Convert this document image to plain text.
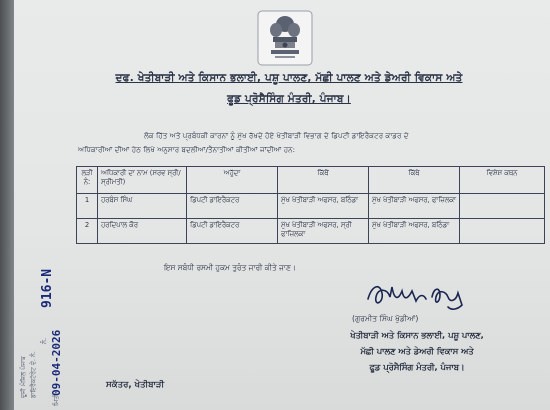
ਦਫ. ਖੇਤੀਬਾੜੀ ਅਤੇ ਕਿਸਾਨ ਭਲਾਈ, ਪਸ਼ੂ ਪਾਲਣ, ਮੱਛੀ ਪਾਲਣ ਅਤੇ ਡੇਅਰੀ ਵਿਕਾਸ ਅਤੇ
ਫੂਡ ਪ੍ਰੋਸੈਸਿੰਗ ਮੰਤਰੀ, ਪੰਜਾਬ।
ਲੋਕ ਹਿੱਤ ਅਤੇ ਪ੍ਰਬੰਧਕੀ ਕਾਰਨਾਂ ਨੂੰ ਮੁੱਖ ਰੱਖਦੇ ਹੋਏ ਖੇਤੀਬਾੜੀ ਵਿਭਾਗ ਦੇ ਡਿਪਟੀ ਡਾਇਰੈਕਟਰ ਕਾਡਰ ਦੇ
ਅਧਿਕਾਰੀਆਂ ਦੀਆਂ ਹੇਠ ਲਿਖੇ ਅਨੁਸਾਰ ਬਦਲੀਆਂ/ਤੈਨਾਤੀਆਂ ਕੀਤੀਆਂ ਜਾਂਦੀਆਂ ਹਨ:
ਲੜੀ ਨੰ:	ਅਧਿਕਾਰੀ ਦਾ ਨਾਮ (ਸਰਵ ਸ੍ਰੀ/ਸ੍ਰੀਮਤੀ)	ਅਹੁੱਦਾ	ਕਿੱਥੋਂ	ਕਿੱਥੇ	ਵਿਸ਼ੇਸ਼ ਕਥਨ
1	ਹਰਬੰਸ ਸਿੰਘ	ਡਿਪਟੀ ਡਾਇਰੈਕਟਰ	ਮੁੱਖ ਖੇਤੀਬਾੜੀ ਅਫਸਰ, ਬਠਿੰਡਾ	ਮੁੱਖ ਖੇਤੀਬਾੜੀ ਅਫਸਰ, ਫਾਜ਼ਿਲਕਾ	
2	ਹਰਦਿਪਾਲ ਕੌਰ	ਡਿਪਟੀ ਡਾਇਰੈਕਟਰ	ਮੁੱਖ ਖੇਤੀਬਾੜੀ ਅਫਸਰ, ਸ੍ਰੀ ਫਾਜ਼ਿਲਕਾ	ਮੁੱਖ ਖੇਤੀਬਾੜੀ ਅਫਸਰ, ਬਠਿੰਡਾ	
ਇਸ ਸਬੰਧੀ ਰਸਮੀ ਹੁਕਮ ਤੁਰੰਤ ਜਾਰੀ ਕੀਤੇ ਜਾਣ।
(ਗੁਰਮੀਤ ਸਿੰਘ ਖੁੱਡੀਆਂ)
ਖੇਤੀਬਾੜੀ ਅਤੇ ਕਿਸਾਨ ਭਲਾਈ, ਪਸ਼ੂ ਪਾਲਣ,
ਮੱਛੀ ਪਾਲਣ ਅਤੇ ਡੇਅਰੀ ਵਿਕਾਸ ਅਤੇ
ਫੂਡ ਪ੍ਰੋਸੈਸਿੰਗ ਮੰਤਰੀ, ਪੰਜਾਬ।
ਸਕੱਤਰ, ਖੇਤੀਬਾੜੀ
ਦੂਜੀ ਮੰਜ਼ਿਲ ਪੰਜਾਬ ਡਾਇਰੈਕਟੋਰੇਟ ਦੇ. ਨੰ.
ਨੰ.
916-N
ਮਿਤੀ
09-04-2026
